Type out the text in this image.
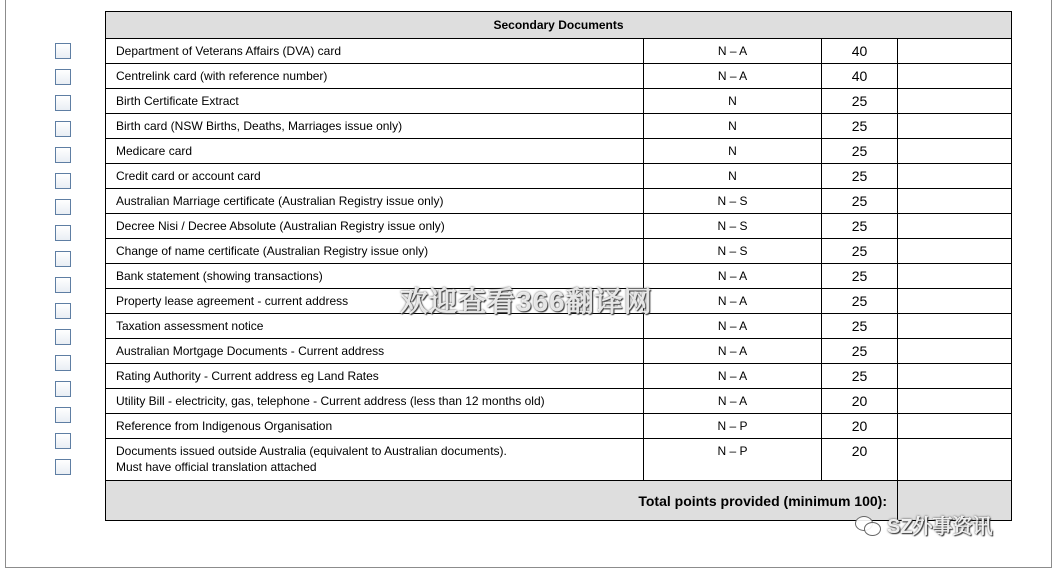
Secondary Documents			
Department of Veterans Affairs (DVA) card	N – A	40	
Centrelink card (with reference number)	N – A	40	
Birth Certificate Extract	N	25	
Birth card (NSW Births, Deaths, Marriages issue only)	N	25	
Medicare card	N	25	
Credit card or account card	N	25	
Australian Marriage certificate (Australian Registry issue only)	N – S	25	
Decree Nisi / Decree Absolute (Australian Registry issue only)	N – S	25	
Change of name certificate (Australian Registry issue only)	N – S	25	
Bank statement (showing transactions)	N – A	25	
Property lease agreement - current address	N – A	25	
Taxation assessment notice	N – A	25	
Australian Mortgage Documents - Current address	N – A	25	
Rating Authority - Current address eg Land Rates	N – A	25	
Utility Bill - electricity, gas, telephone - Current address (less than 12 months old)	N – A	20	
Reference from Indigenous Organisation	N – P	20	
Documents issued outside Australia (equivalent to Australian documents).
Must have official translation attached	N – P	20	
Total points provided (minimum 100):			
欢迎查看366翻译网
SZ外事资讯
